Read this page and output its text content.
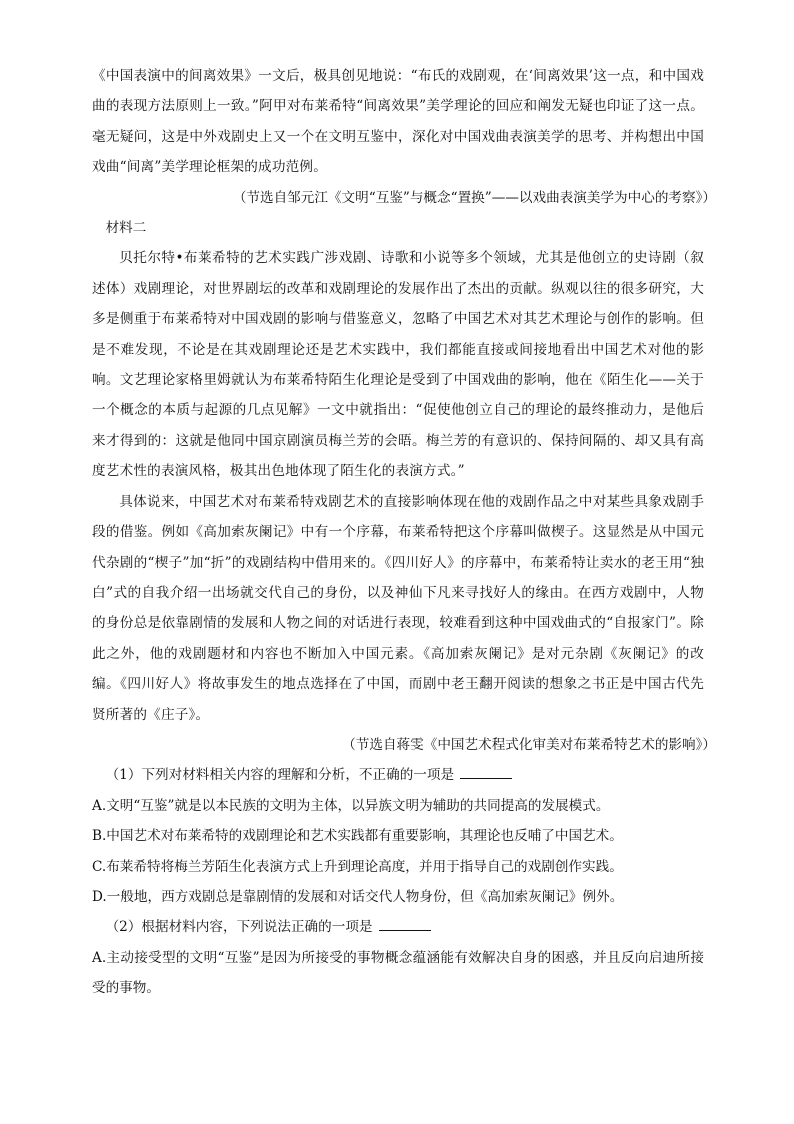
《中国表演中的间离效果》一文后，极具创见地说：“布氏的戏剧观，在‘间离效果’这一点，和中国戏曲的表现方法原则上一致。”阿甲对布莱希特“间离效果”美学理论的回应和阐发无疑也印证了这一点。毫无疑问，这是中外戏剧史上又一个在文明互鉴中，深化对中国戏曲表演美学的思考、并构想出中国戏曲“间离”美学理论框架的成功范例。

（节选自邹元江《文明“互鉴”与概念“置换”——以戏曲表演美学为中心的考察》）

材料二

贝托尔特•布莱希特的艺术实践广涉戏剧、诗歌和小说等多个领域，尤其是他创立的史诗剧（叙述体）戏剧理论，对世界剧坛的改革和戏剧理论的发展作出了杰出的贡献。纵观以往的很多研究，大多是侧重于布莱希特对中国戏剧的影响与借鉴意义，忽略了中国艺术对其艺术理论与创作的影响。但是不难发现，不论是在其戏剧理论还是艺术实践中，我们都能直接或间接地看出中国艺术对他的影响。文艺理论家格里姆就认为布莱希特陌生化理论是受到了中国戏曲的影响，他在《陌生化——关于一个概念的本质与起源的几点见解》一文中就指出：“促使他创立自己的理论的最终推动力，是他后来才得到的：这就是他同中国京剧演员梅兰芳的会晤。梅兰芳的有意识的、保持间隔的、却又具有高度艺术性的表演风格，极其出色地体现了陌生化的表演方式。”

具体说来，中国艺术对布莱希特戏剧艺术的直接影响体现在他的戏剧作品之中对某些具象戏剧手段的借鉴。例如《高加索灰阑记》中有一个序幕，布莱希特把这个序幕叫做楔子。这显然是从中国元代杂剧的“楔子”加“折”的戏剧结构中借用来的。《四川好人》的序幕中，布莱希特让卖水的老王用“独白”式的自我介绍一出场就交代自己的身份，以及神仙下凡来寻找好人的缘由。在西方戏剧中，人物的身份总是依靠剧情的发展和人物之间的对话进行表现，较难看到这种中国戏曲式的“自报家门”。除此之外，他的戏剧题材和内容也不断加入中国元素。《高加索灰阑记》是对元杂剧《灰阑记》的改编。《四川好人》将故事发生的地点选择在了中国，而剧中老王翻开阅读的想象之书正是中国古代先贤所著的《庄子》。

（节选自蒋雯《中国艺术程式化审美对布莱希特艺术的影响》）

（1）下列对材料相关内容的理解和分析，不正确的一项是

A.文明“互鉴”就是以本民族的文明为主体，以异族文明为辅助的共同提高的发展模式。

B.中国艺术对布莱希特的戏剧理论和艺术实践都有重要影响，其理论也反哺了中国艺术。

C.布莱希特将梅兰芳陌生化表演方式上升到理论高度，并用于指导自己的戏剧创作实践。

D.一般地，西方戏剧总是靠剧情的发展和对话交代人物身份，但《高加索灰阑记》例外。

（2）根据材料内容，下列说法正确的一项是

A.主动接受型的文明“互鉴”是因为所接受的事物概念蕴涵能有效解决自身的困惑，并且反向启迪所接受的事物。
